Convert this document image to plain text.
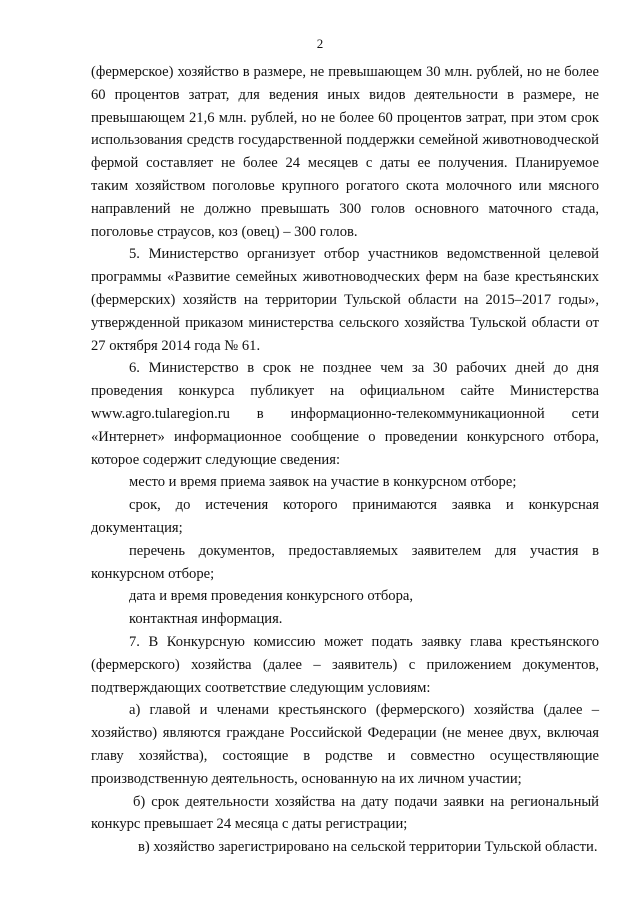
2

(фермерское) хозяйство в размере, не превышающем 30 млн. рублей, но не более 60 процентов затрат, для ведения иных видов деятельности в размере, не превышающем 21,6 млн. рублей, но не более 60 процентов затрат, при этом срок использования средств государственной поддержки семейной животноводческой фермой составляет не более 24 месяцев с даты ее получения. Планируемое таким хозяйством поголовье крупного рогатого скота молочного или мясного направлений не должно превышать 300 голов основного маточного стада, поголовье страусов, коз (овец) – 300 голов.

5. Министерство организует отбор участников ведомственной целевой программы «Развитие семейных животноводческих ферм на базе крестьянских (фермерских) хозяйств на территории Тульской области на 2015–2017 годы», утвержденной приказом министерства сельского хозяйства Тульской области от 27 октября 2014 года № 61.

6. Министерство в срок не позднее чем за 30 рабочих дней до дня проведения конкурса публикует на официальном сайте Министерства www.agro.tularegion.ru в информационно-телекоммуникационной сети «Интернет» информационное сообщение о проведении конкурсного отбора, которое содержит следующие сведения:

место и время приема заявок на участие в конкурсном отборе;

срок, до истечения которого принимаются заявка и конкурсная документация;

перечень документов, предоставляемых заявителем для участия в конкурсном отборе;

дата и время проведения конкурсного отбора,

контактная информация.

7. В Конкурсную комиссию может подать заявку глава крестьянского (фермерского) хозяйства (далее – заявитель) с приложением документов, подтверждающих соответствие следующим условиям:

а) главой и членами крестьянского (фермерского) хозяйства (далее – хозяйство) являются граждане Российской Федерации (не менее двух, включая главу хозяйства), состоящие в родстве и совместно осуществляющие производственную деятельность, основанную на их личном участии;

б) срок деятельности хозяйства на дату подачи заявки на региональный конкурс превышает 24 месяца с даты регистрации;

в) хозяйство зарегистрировано на сельской территории Тульской области.
